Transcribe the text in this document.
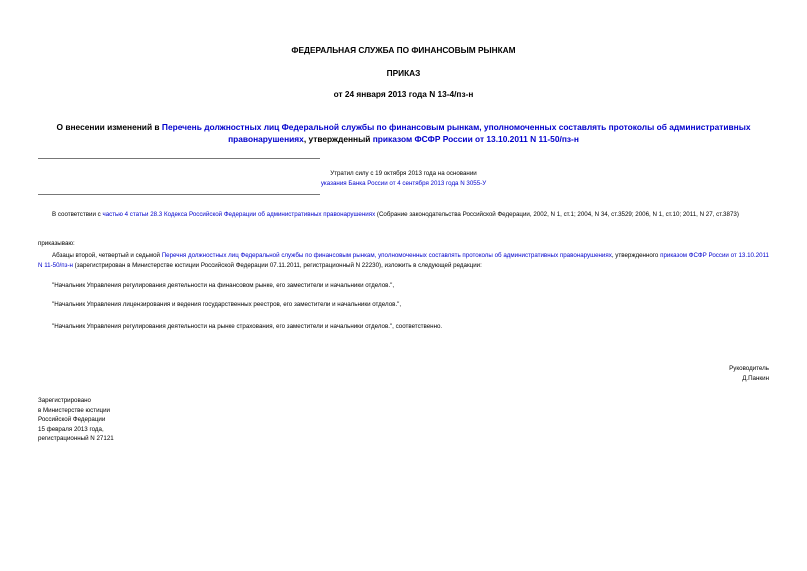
ФЕДЕРАЛЬНАЯ СЛУЖБА ПО ФИНАНСОВЫМ РЫНКАМ
ПРИКАЗ
от 24 января 2013 года N 13-4/пз-н
О внесении изменений в Перечень должностных лиц Федеральной службы по финансовым рынкам, уполномоченных составлять протоколы об административных правонарушениях, утвержденный приказом ФСФР России от 13.10.2011 N 11-50/пз-н
Утратил силу с 19 октября 2013 года на основании
указания Банка России от 4 сентября 2013 года N 3055-У
В соответствии с частью 4 статьи 28.3 Кодекса Российской Федерации об административных правонарушениях (Собрание законодательства Российской Федерации, 2002, N 1, ст.1; 2004, N 34, ст.3529; 2006, N 1, ст.10; 2011, N 27, ст.3873)
приказываю:
Абзацы второй, четвертый и седьмой Перечня должностных лиц Федеральной службы по финансовым рынкам, уполномоченных составлять протоколы об административных правонарушениях, утвержденного приказом ФСФР России от 13.10.2011 N 11-50/пз-н (зарегистрирован в Министерстве юстиции Российской Федерации 07.11.2011, регистрационный N 22230), изложить в следующей редакции:
"Начальник Управления регулирования деятельности на финансовом рынке, его заместители и начальники отделов.",
"Начальник Управления лицензирования и ведения государственных реестров, его заместители и начальники отделов.",
"Начальник Управления регулирования деятельности на рынке страхования, его заместители и начальники отделов.", соответственно.
Руководитель
Д.Панкин
Зарегистрировано
в Министерстве юстиции
Российской Федерации
15 февраля 2013 года,
регистрационный N 27121
